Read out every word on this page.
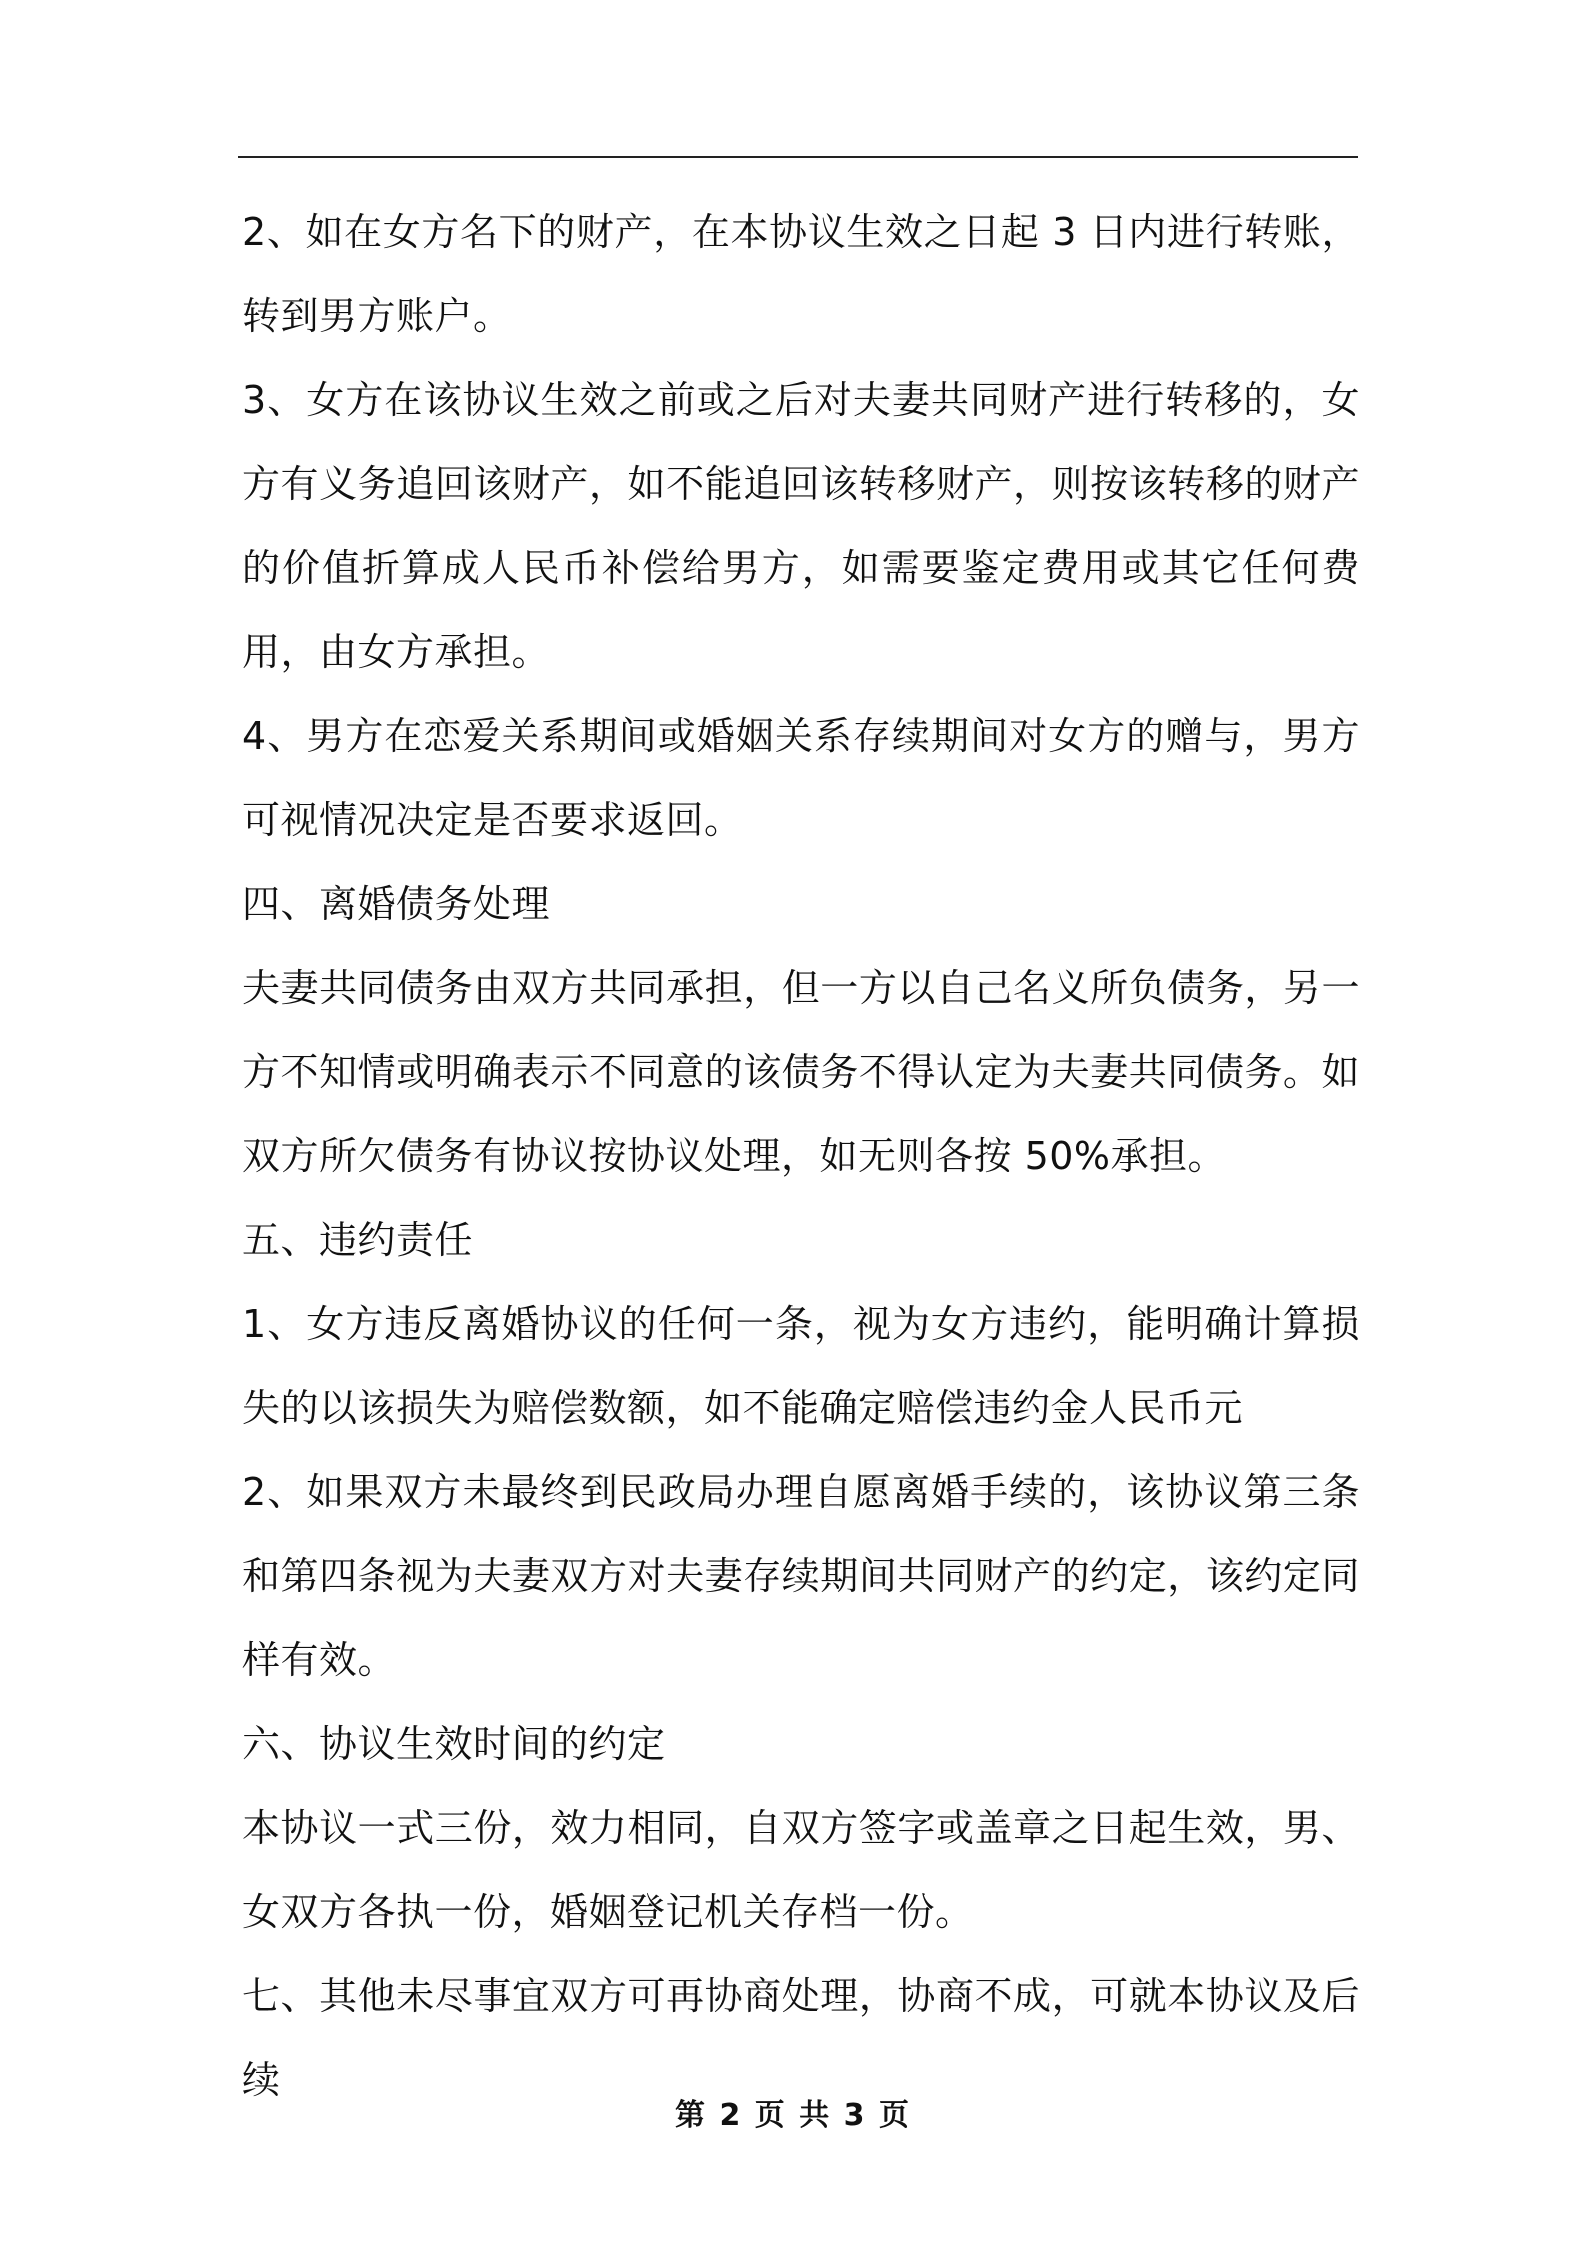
2、如在女方名下的财产，在本协议生效之日起 3 日内进行转账，转到男方账户。

3、女方在该协议生效之前或之后对夫妻共同财产进行转移的，女方有义务追回该财产，如不能追回该转移财产，则按该转移的财产的价值折算成人民币补偿给男方，如需要鉴定费用或其它任何费用，由女方承担。

4、男方在恋爱关系期间或婚姻关系存续期间对女方的赠与，男方可视情况决定是否要求返回。

四、离婚债务处理

夫妻共同债务由双方共同承担，但一方以自己名义所负债务，另一方不知情或明确表示不同意的该债务不得认定为夫妻共同债务。如双方所欠债务有协议按协议处理，如无则各按 50%承担。

五、违约责任

1、女方违反离婚协议的任何一条，视为女方违约，能明确计算损失的以该损失为赔偿数额，如不能确定赔偿违约金人民币元

2、如果双方未最终到民政局办理自愿离婚手续的，该协议第三条和第四条视为夫妻双方对夫妻存续期间共同财产的约定，该约定同样有效。

六、协议生效时间的约定

本协议一式三份，效力相同，自双方签字或盖章之日起生效，男、女双方各执一份，婚姻登记机关存档一份。

七、其他未尽事宜双方可再协商处理，协商不成，可就本协议及后续

第 2 页 共 3 页
